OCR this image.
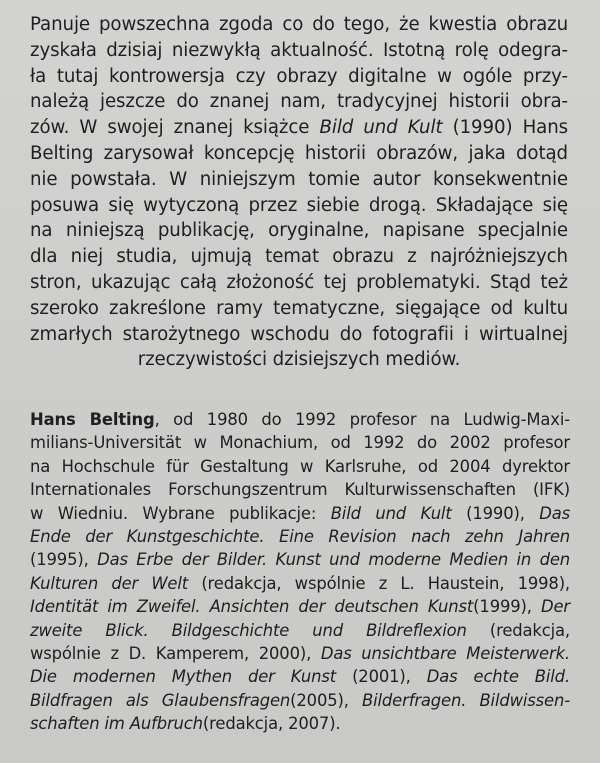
Panuje powszechna zgoda co do tego, że kwestia obrazu
zyskała dzisiaj niezwykłą aktualność. Istotną rolę odegra-
ła tutaj kontrowersja czy obrazy digitalne w ogóle przy-
należą jeszcze do znanej nam, tradycyjnej historii obra-
zów. W swojej znanej książce Bild und Kult (1990) Hans
Belting zarysował koncepcję historii obrazów, jaka dotąd
nie powstała. W niniejszym tomie autor konsekwentnie
posuwa się wytyczoną przez siebie drogą. Składające się
na niniejszą publikację, oryginalne, napisane specjalnie
dla niej studia, ujmują temat obrazu z najróżniejszych
stron, ukazując całą złożoność tej problematyki. Stąd też
szeroko zakreślone ramy tematyczne, sięgające od kultu
zmarłych starożytnego wschodu do fotografii i wirtualnej
rzeczywistości dzisiejszych mediów.
Hans Belting, od 1980 do 1992 profesor na Ludwig-Maxi-
milians-Universität w Monachium, od 1992 do 2002 profesor
na Hochschule für Gestaltung w Karlsruhe, od 2004 dyrektor
Internationales Forschungszentrum Kulturwissenschaften (IFK)
w Wiedniu. Wybrane publikacje: Bild und Kult (1990), Das
Ende der Kunstgeschichte. Eine Revision nach zehn Jahren
(1995), Das Erbe der Bilder. Kunst und moderne Medien in den
Kulturen der Welt (redakcja, wspólnie z L. Haustein, 1998),
Identität im Zweifel. Ansichten der deutschen Kunst(1999), Der
zweite Blick. Bildgeschichte und Bildreflexion (redakcja,
wspólnie z D. Kamperem, 2000), Das unsichtbare Meisterwerk.
Die modernen Mythen der Kunst (2001), Das echte Bild.
Bildfragen als Glaubensfragen(2005), Bilderfragen. Bildwissen-
schaften im Aufbruch(redakcja, 2007).
